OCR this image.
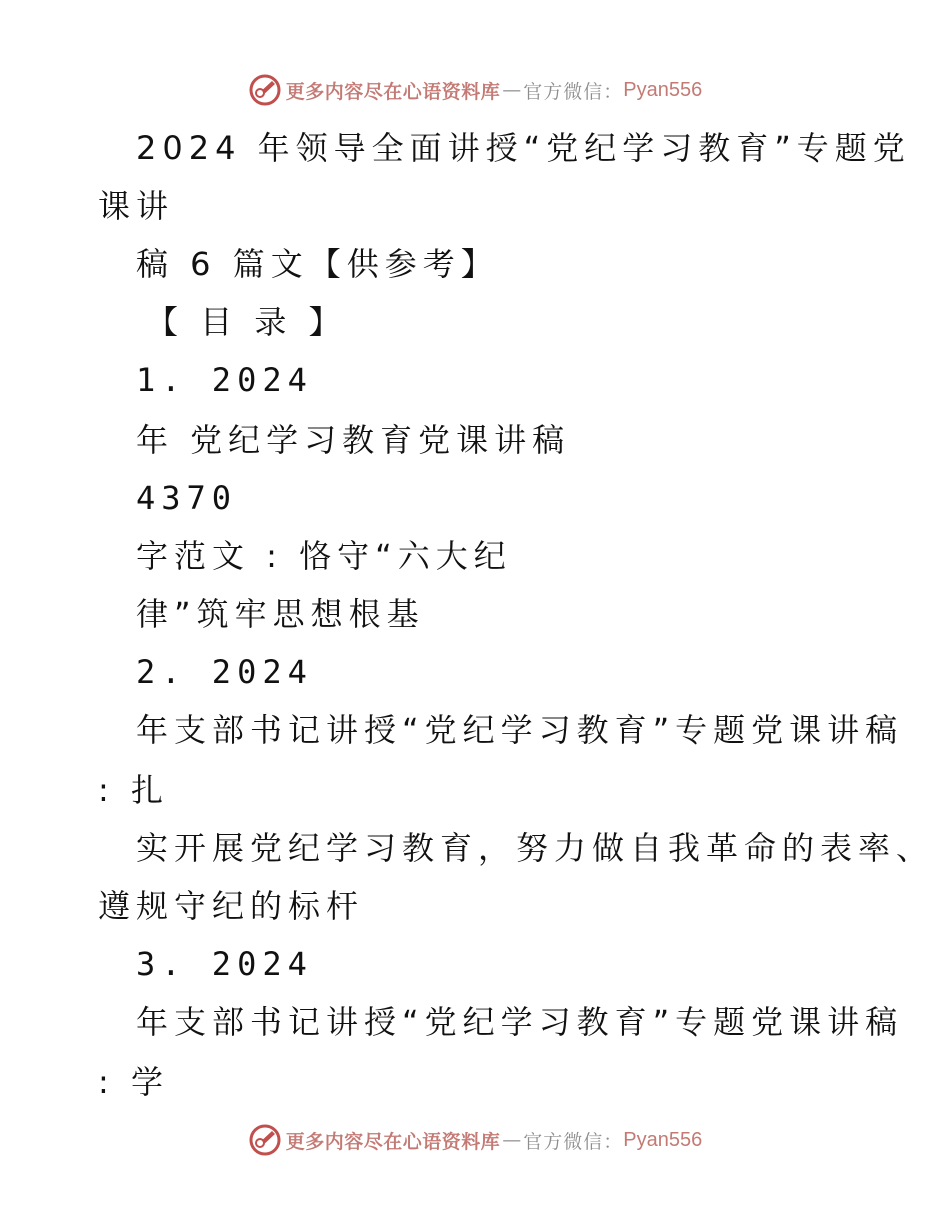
更多内容尽在心语资料库 — 官方微信： Pyan556
2024 年领导全面讲授“党纪学习教育”专题党
课讲
稿 6 篇文【供参考】
【 目 录 】
1. 2024
年 党纪学习教育党课讲稿
4370
字范文 : 恪守“六大纪
律”筑牢思想根基
2. 2024
年支部书记讲授“党纪学习教育”专题党课讲稿
: 扎
实开展党纪学习教育，努力做自我革命的表率、
遵规守纪的标杆
3. 2024
年支部书记讲授“党纪学习教育”专题党课讲稿
: 学
更多内容尽在心语资料库 — 官方微信： Pyan556
